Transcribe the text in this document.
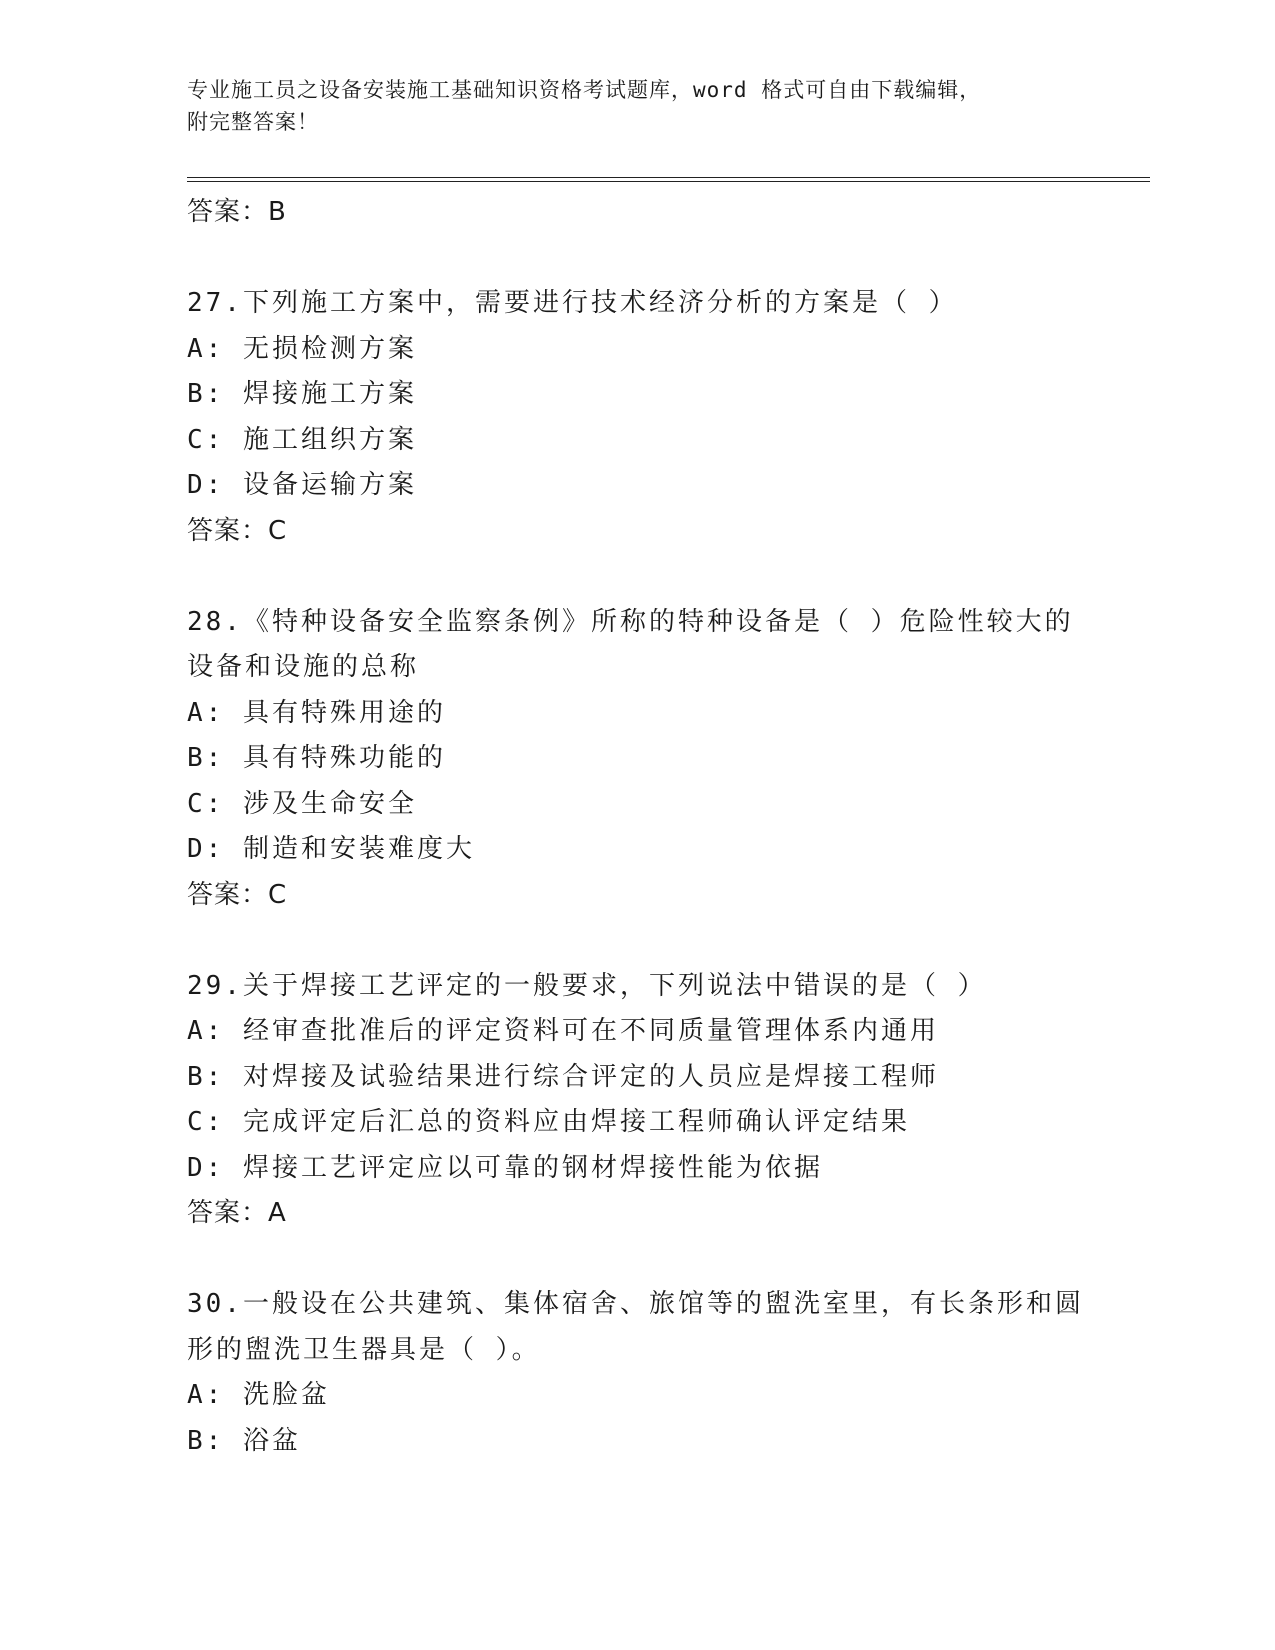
专业施工员之设备安装施工基础知识资格考试题库，word 格式可自由下载编辑，
附完整答案！
答案：B
27.下列施工方案中，需要进行技术经济分析的方案是（ ）
A: 无损检测方案
B: 焊接施工方案
C: 施工组织方案
D: 设备运输方案
答案：C
28.《特种设备安全监察条例》所称的特种设备是（ ）危险性较大的
设备和设施的总称
A: 具有特殊用途的
B: 具有特殊功能的
C: 涉及生命安全
D: 制造和安装难度大
答案：C
29.关于焊接工艺评定的一般要求，下列说法中错误的是（ ）
A: 经审查批准后的评定资料可在不同质量管理体系内通用
B: 对焊接及试验结果进行综合评定的人员应是焊接工程师
C: 完成评定后汇总的资料应由焊接工程师确认评定结果
D: 焊接工艺评定应以可靠的钢材焊接性能为依据
答案：A
30.一般设在公共建筑、集体宿舍、旅馆等的盥洗室里，有长条形和圆
形的盥洗卫生器具是（ ）。
A: 洗脸盆
B: 浴盆
